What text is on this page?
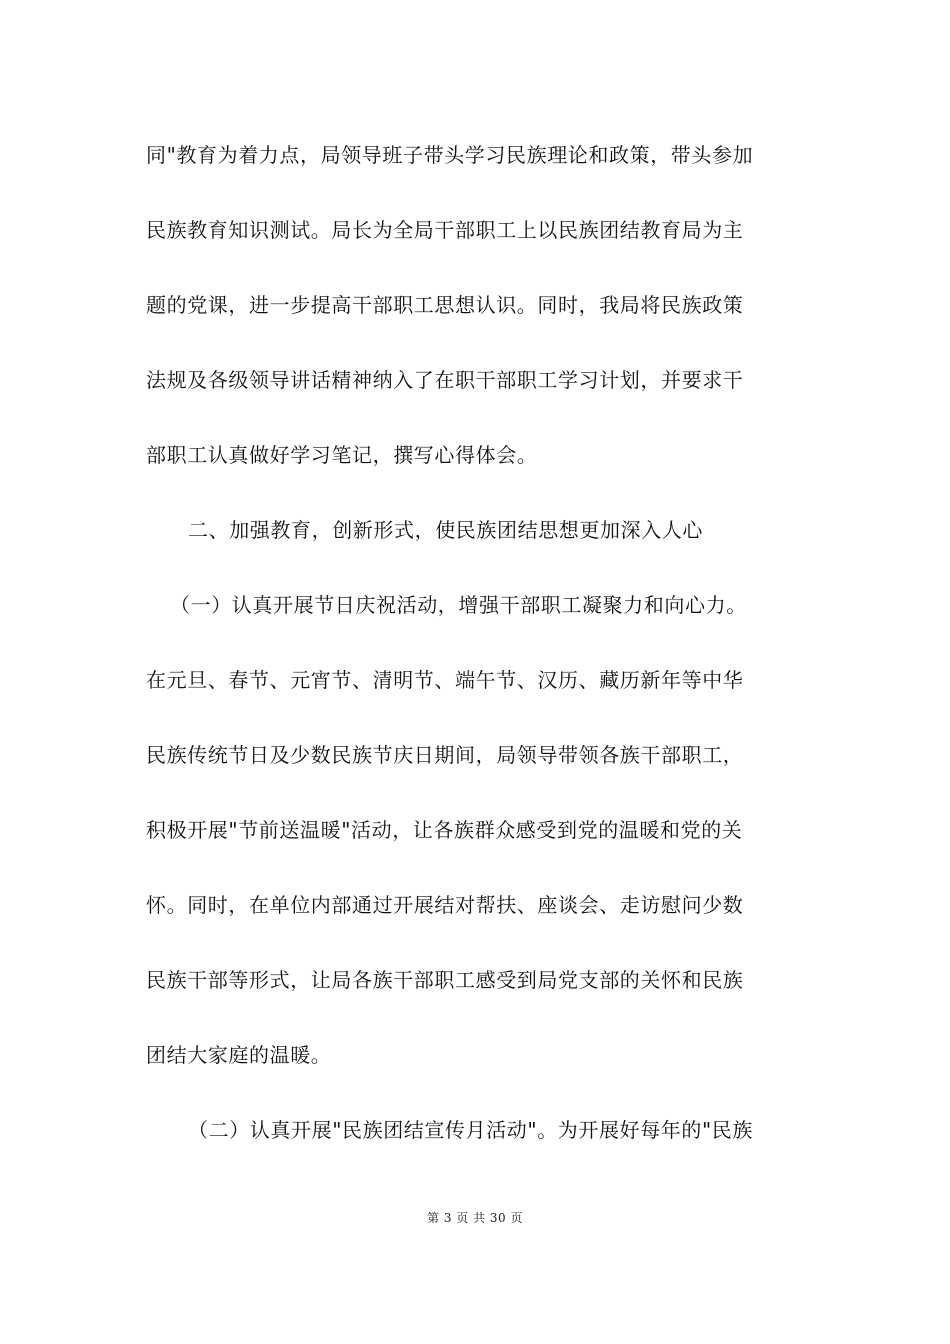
同"教育为着力点，局领导班子带头学习民族理论和政策，带头参加
民族教育知识测试。局长为全局干部职工上以民族团结教育局为主
题的党课，进一步提高干部职工思想认识。同时，我局将民族政策
法规及各级领导讲话精神纳入了在职干部职工学习计划，并要求干
部职工认真做好学习笔记，撰写心得体会。
二、加强教育，创新形式，使民族团结思想更加深入人心
（一）认真开展节日庆祝活动，增强干部职工凝聚力和向心力。
在元旦、春节、元宵节、清明节、端午节、汉历、藏历新年等中华
民族传统节日及少数民族节庆日期间，局领导带领各族干部职工，
积极开展"节前送温暖"活动，让各族群众感受到党的温暖和党的关
怀。同时，在单位内部通过开展结对帮扶、座谈会、走访慰问少数
民族干部等形式，让局各族干部职工感受到局党支部的关怀和民族
团结大家庭的温暖。
（二）认真开展"民族团结宣传月活动"。为开展好每年的"民族
第 3 页 共 30 页
